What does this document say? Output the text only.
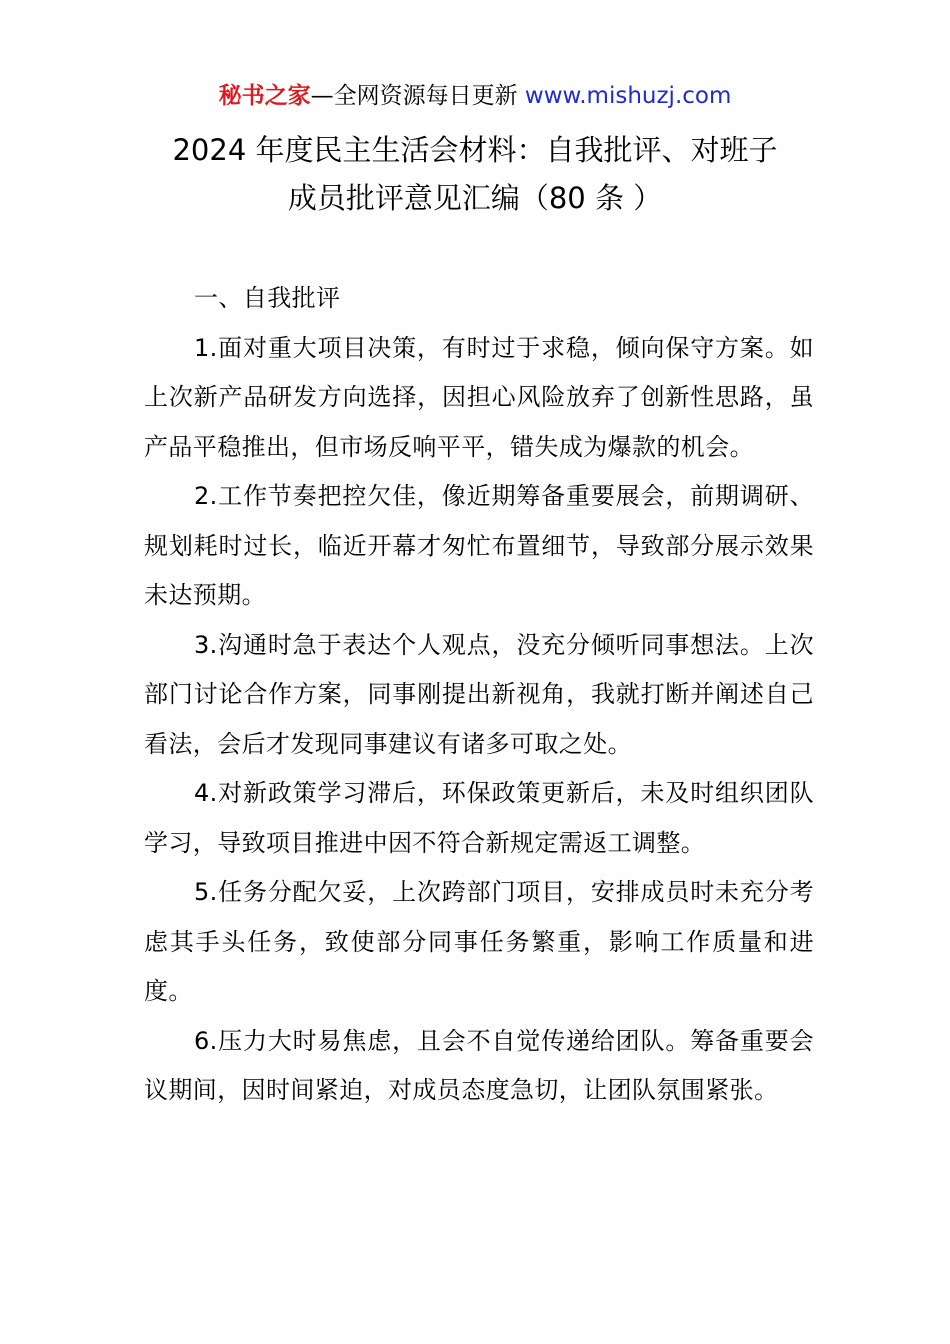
秘书之家—全网资源每日更新 www.mishuzj.com
2024 年度民主生活会材料：自我批评、对班子
成员批评意见汇编（80 条 ）

一、自我批评

1.面对重大项目决策，有时过于求稳，倾向保守方案。如上次新产品研发方向选择，因担心风险放弃了创新性思路，虽产品平稳推出，但市场反响平平，错失成为爆款的机会。

2.工作节奏把控欠佳，像近期筹备重要展会，前期调研、规划耗时过长，临近开幕才匆忙布置细节，导致部分展示效果未达预期。

3.沟通时急于表达个人观点，没充分倾听同事想法。上次部门讨论合作方案，同事刚提出新视角，我就打断并阐述自己看法，会后才发现同事建议有诸多可取之处。

4.对新政策学习滞后，环保政策更新后，未及时组织团队学习，导致项目推进中因不符合新规定需返工调整。

5.任务分配欠妥，上次跨部门项目，安排成员时未充分考虑其手头任务，致使部分同事任务繁重，影响工作质量和进度。

6.压力大时易焦虑，且会不自觉传递给团队。筹备重要会议期间，因时间紧迫，对成员态度急切，让团队氛围紧张。
